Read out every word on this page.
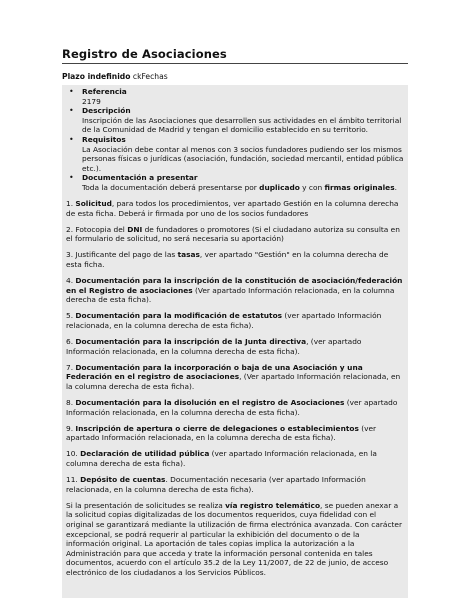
Registro de Asociaciones
Plazo indefinido ckFechas
• Referencia
2179
• Descripción
Inscripción de las Asociaciones que desarrollen sus actividades en el ámbito territorial de la Comunidad de Madrid y tengan el domicilio establecido en su territorio.
• Requisitos
La Asociación debe contar al menos con 3 socios fundadores pudiendo ser los mismos personas físicas o jurídicas (asociación, fundación, sociedad mercantil, entidad pública etc.).
• Documentación a presentar
Toda la documentación deberá presentarse por duplicado y con firmas originales.
1. Solicitud, para todos los procedimientos, ver apartado Gestión en la columna derecha de esta ficha. Deberá ir firmada por uno de los socios fundadores
2. Fotocopia del DNI de fundadores o promotores (Si el ciudadano autoriza su consulta en el formulario de solicitud, no será necesaria su aportación)
3. Justificante del pago de las tasas, ver apartado "Gestión" en la columna derecha de esta ficha.
4. Documentación para la inscripción de la constitución de asociación/federación en el Registro de asociaciones (Ver apartado Información relacionada, en la columna derecha de esta ficha).
5. Documentación para la modificación de estatutos (ver apartado Información relacionada, en la columna derecha de esta ficha).
6. Documentación para la inscripción de la Junta directiva, (ver apartado Información relacionada, en la columna derecha de esta ficha).
7. Documentación para la incorporación o baja de una Asociación y una Federación en el registro de asociaciones, (Ver apartado Información relacionada, en la columna derecha de esta ficha).
8. Documentación para la disolución en el registro de Asociaciones (ver apartado Información relacionada, en la columna derecha de esta ficha).
9. Inscripción de apertura o cierre de delegaciones o establecimientos (ver apartado Información relacionada, en la columna derecha de esta ficha).
10. Declaración de utilidad pública (ver apartado Información relacionada, en la columna derecha de esta ficha).
11. Depósito de cuentas. Documentación necesaria (ver apartado Información relacionada, en la columna derecha de esta ficha).
Si la presentación de solicitudes se realiza vía registro telemático, se pueden anexar a la solicitud copias digitalizadas de los documentos requeridos, cuya fidelidad con el original se garantizará mediante la utilización de firma electrónica avanzada. Con carácter excepcional, se podrá requerir al particular la exhibición del documento o de la información original. La aportación de tales copias implica la autorización a la Administración para que acceda y trate la información personal contenida en tales documentos, acuerdo con el artículo 35.2 de la Ley 11/2007, de 22 de junio, de acceso electrónico de los ciudadanos a los Servicios Públicos.
